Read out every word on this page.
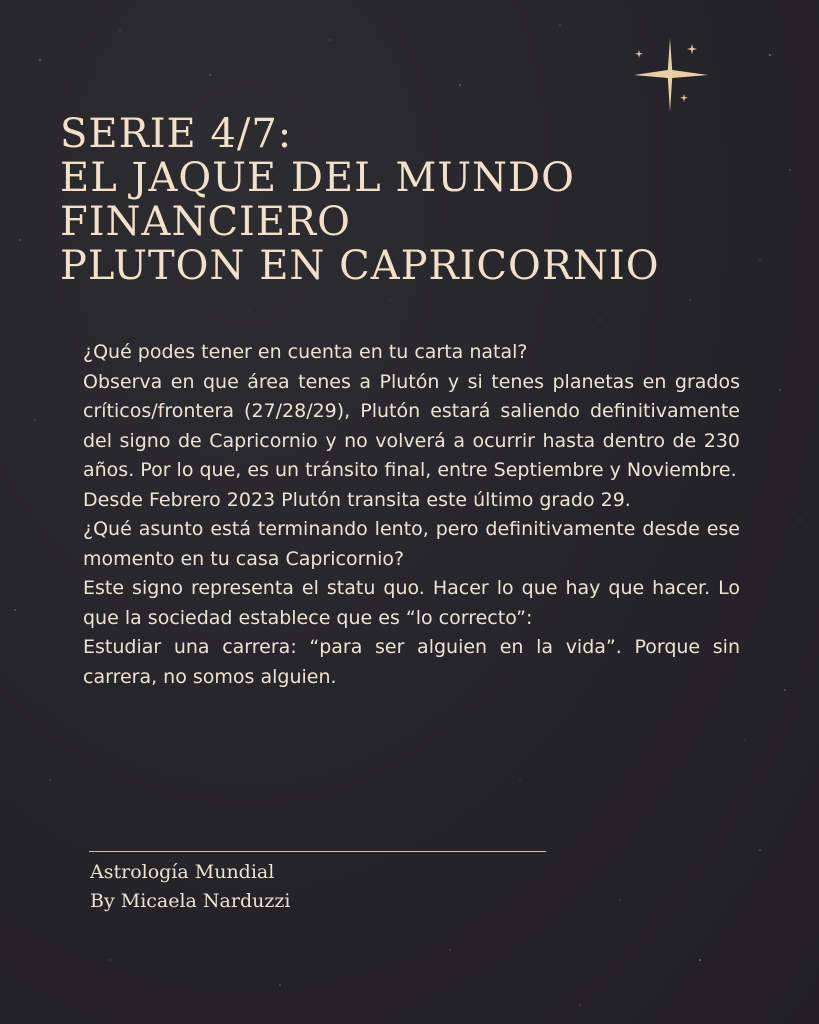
SERIE 4/7:
EL JAQUE DEL MUNDO
FINANCIERO
PLUTON EN CAPRICORNIO

¿Qué podes tener en cuenta en tu carta natal?

Observa en que área tenes a Plutón y si tenes planetas en grados críticos/frontera (27/28/29), Plutón estará saliendo definitivamente del signo de Capricornio y no volverá a ocurrir hasta dentro de 230 años. Por lo que, es un tránsito final, entre Septiembre y Noviembre.

Desde Febrero 2023 Plutón transita este último grado 29.

¿Qué asunto está terminando lento, pero definitivamente desde ese momento en tu casa Capricornio?

Este signo representa el statu quo. Hacer lo que hay que hacer. Lo que la sociedad establece que es “lo correcto”:

Estudiar una carrera: “para ser alguien en la vida”. Porque sin carrera, no somos alguien.

Astrología Mundial
By Micaela Narduzzi
